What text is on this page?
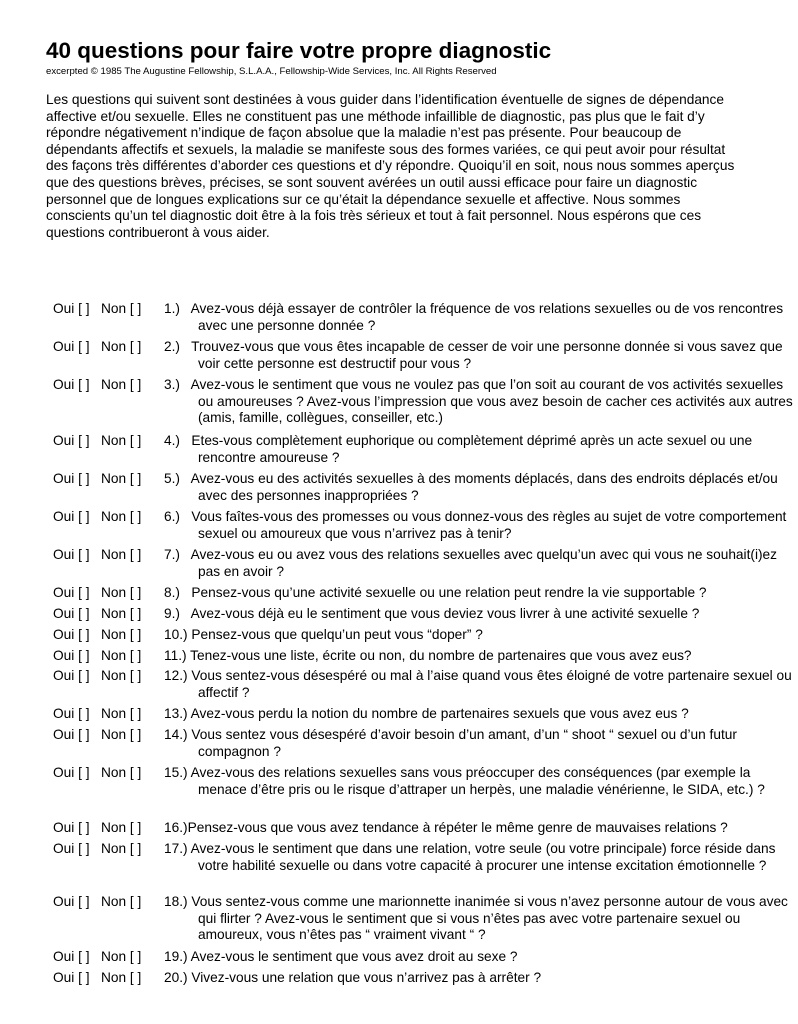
40 questions pour faire votre propre diagnostic
excerpted © 1985 The Augustine Fellowship, S.L.A.A., Fellowship-Wide Services, Inc. All Rights Reserved

Les questions qui suivent sont destinées à vous guider dans l’identification éventuelle de signes de dépendance affective et/ou sexuelle. Elles ne constituent pas une méthode infaillible de diagnostic, pas plus que le fait d’y répondre négativement n’indique de façon absolue que la maladie n’est pas présente. Pour beaucoup de dépendants affectifs et sexuels, la maladie se manifeste sous des formes variées, ce qui peut avoir pour résultat des façons très différentes d’aborder ces questions et d’y répondre. Quoiqu’il en soit, nous nous sommes aperçus que des questions brèves, précises, se sont souvent avérées un outil aussi efficace pour faire un diagnostic personnel que de longues explications sur ce qu’était la dépendance sexuelle et affective. Nous sommes conscients qu’un tel diagnostic doit être à la fois très sérieux et tout à fait personnel. Nous espérons que ces questions contribueront à vous aider.

Oui [ ] Non [ ] 1.)   Avez-vous déjà essayer de contrôler la fréquence de vos relations sexuelles ou de vos rencontres avec une personne donnée ?
Oui [ ] Non [ ] 2.)   Trouvez-vous que vous êtes incapable de cesser de voir une personne donnée si vous savez que voir cette personne est destructif pour vous ?
Oui [ ] Non [ ] 3.)   Avez-vous le sentiment que vous ne voulez pas que l’on soit au courant de vos activités sexuelles ou amoureuses ? Avez-vous l’impression que vous avez besoin de cacher ces activités aux autres (amis, famille, collègues, conseiller, etc.)
Oui [ ] Non [ ] 4.)   Etes-vous complètement euphorique ou complètement déprimé après un acte sexuel ou une rencontre amoureuse ?
Oui [ ] Non [ ] 5.)   Avez-vous eu des activités sexuelles à des moments déplacés, dans des endroits déplacés et/ou avec des personnes inappropriées ?
Oui [ ] Non [ ] 6.)   Vous faîtes-vous des promesses ou vous donnez-vous des règles au sujet de votre comportement sexuel ou amoureux que vous n’arrivez pas à tenir?
Oui [ ] Non [ ] 7.)   Avez-vous eu ou avez vous des relations sexuelles avec quelqu’un avec qui vous ne souhait(i)ez pas en avoir ?
Oui [ ] Non [ ] 8.)   Pensez-vous qu’une activité sexuelle ou une relation peut rendre la vie supportable ?
Oui [ ] Non [ ] 9.)   Avez-vous déjà eu le sentiment que vous deviez vous livrer à une activité sexuelle ?
Oui [ ] Non [ ] 10.) Pensez-vous que quelqu’un peut vous “doper” ?
Oui [ ] Non [ ] 11.) Tenez-vous une liste, écrite ou non, du nombre de partenaires que vous avez eus?
Oui [ ] Non [ ] 12.) Vous sentez-vous désespéré ou mal à l’aise quand vous êtes éloigné de votre partenaire sexuel ou affectif ?
Oui [ ] Non [ ] 13.) Avez-vous perdu la notion du nombre de partenaires sexuels que vous avez eus ?
Oui [ ] Non [ ] 14.) Vous sentez vous désespéré d’avoir besoin d’un amant, d’un “ shoot “ sexuel ou d’un futur compagnon ?
Oui [ ] Non [ ] 15.) Avez-vous des relations sexuelles sans vous préoccuper des conséquences (par exemple la menace d’être pris ou le risque d’attraper un herpès, une maladie vénérienne, le SIDA, etc.) ?
Oui [ ] Non [ ] 16.)Pensez-vous que vous avez tendance à répéter le même genre de mauvaises relations ?
Oui [ ] Non [ ] 17.) Avez-vous le sentiment que dans une relation, votre seule (ou votre principale) force réside dans votre habilité sexuelle ou dans votre capacité à procurer une intense excitation émotionnelle ?
Oui [ ] Non [ ] 18.) Vous sentez-vous comme une marionnette inanimée si vous n’avez personne autour de vous avec qui flirter ? Avez-vous le sentiment que si vous n’êtes pas avec votre partenaire sexuel ou amoureux, vous n’êtes pas “ vraiment vivant “ ?
Oui [ ] Non [ ] 19.) Avez-vous le sentiment que vous avez droit au sexe ?
Oui [ ] Non [ ] 20.) Vivez-vous une relation que vous n’arrivez pas à arrêter ?
